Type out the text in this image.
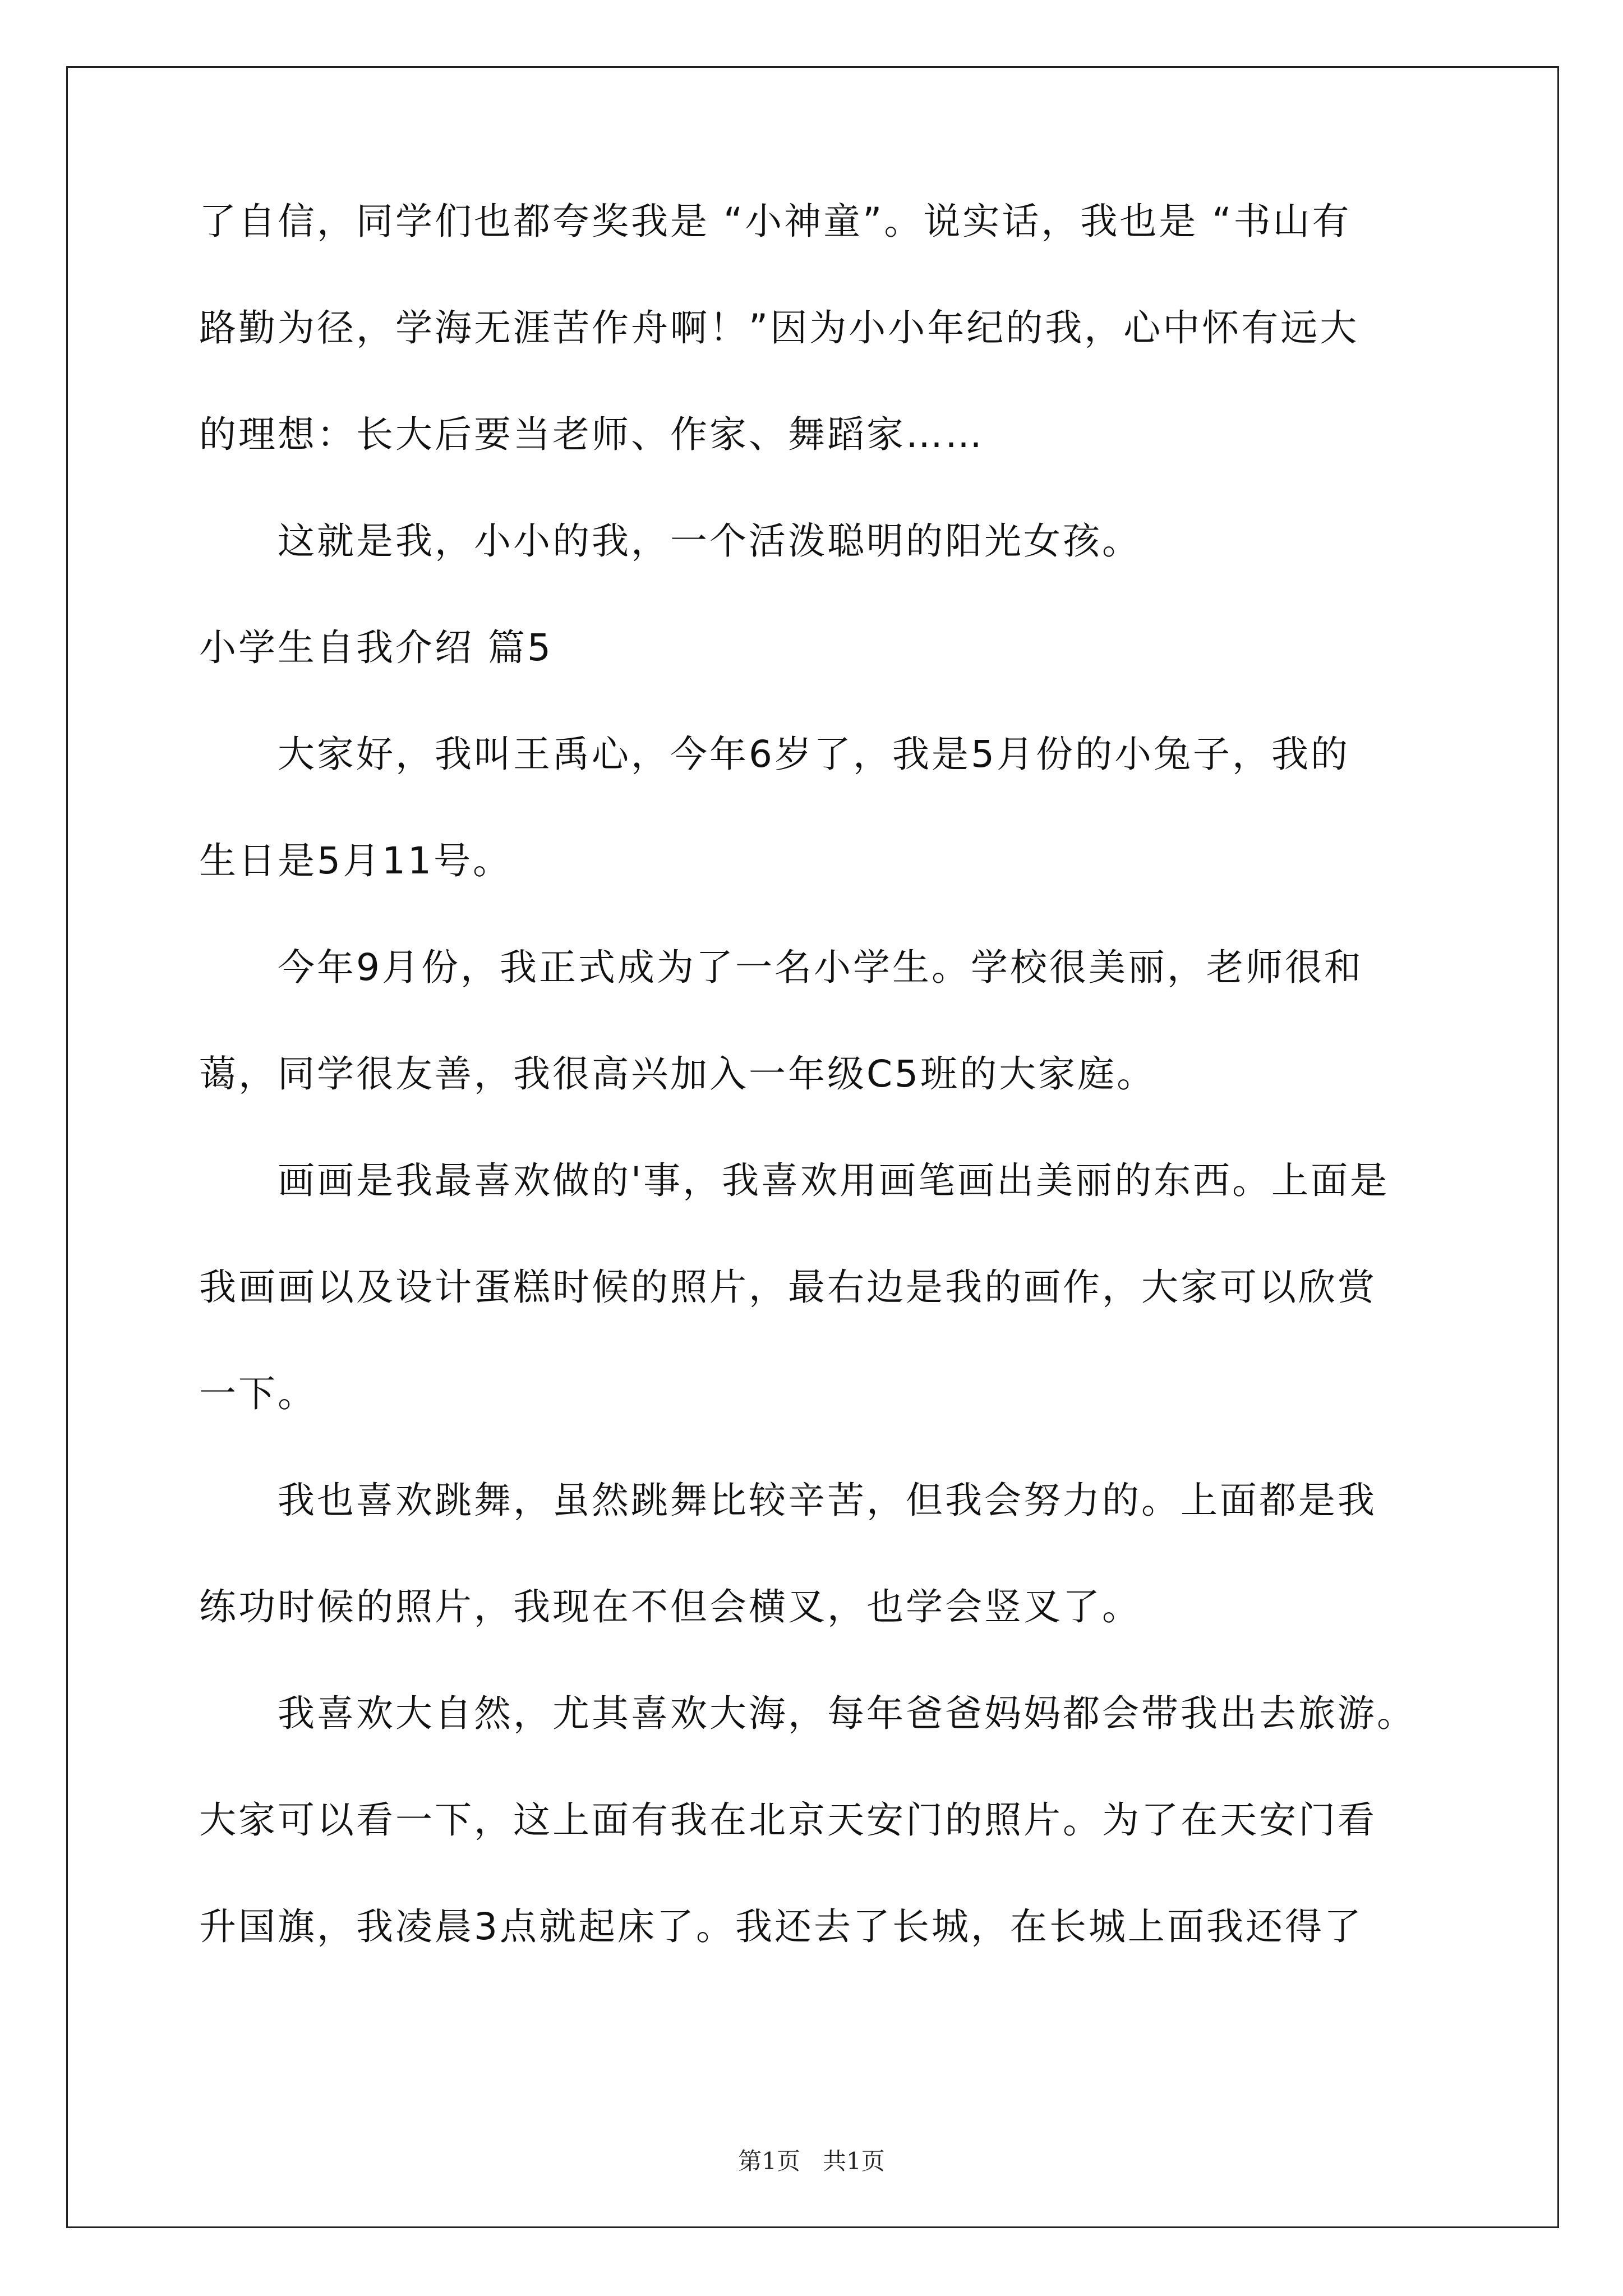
了自信，同学们也都夸奖我是 “小神童”。说实话，我也是 “书山有
路勤为径，学海无涯苦作舟啊！”因为小小年纪的我，心中怀有远大
的理想：长大后要当老师、作家、舞蹈家……
　　这就是我，小小的我，一个活泼聪明的阳光女孩。
小学生自我介绍 篇5
　　大家好，我叫王禹心，今年6岁了，我是5月份的小兔子，我的
生日是5月11号。
　　今年9月份，我正式成为了一名小学生。学校很美丽，老师很和
蔼，同学很友善，我很高兴加入一年级C5班的大家庭。
　　画画是我最喜欢做的'事，我喜欢用画笔画出美丽的东西。上面是
我画画以及设计蛋糕时候的照片，最右边是我的画作，大家可以欣赏
一下。
　　我也喜欢跳舞，虽然跳舞比较辛苦，但我会努力的。上面都是我
练功时候的照片，我现在不但会横叉，也学会竖叉了。
　　我喜欢大自然，尤其喜欢大海，每年爸爸妈妈都会带我出去旅游。
大家可以看一下，这上面有我在北京天安门的照片。为了在天安门看
升国旗，我凌晨3点就起床了。我还去了长城，在长城上面我还得了
第1页   共1页
